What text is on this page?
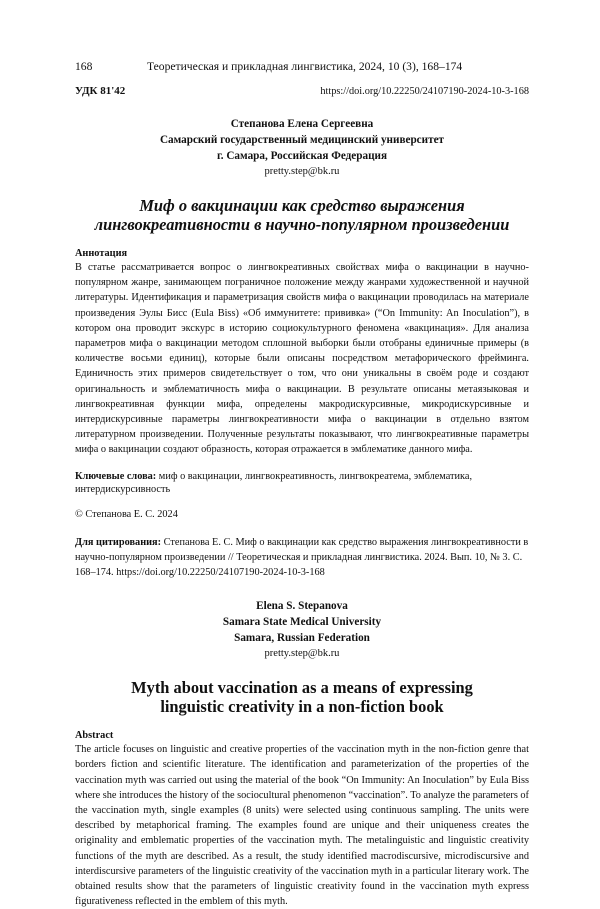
168	Теоретическая и прикладная лингвистика, 2024, 10 (3), 168–174
УДК 81'42	https://doi.org/10.22250/24107190-2024-10-3-168
Степанова Елена Сергеевна
Самарский государственный медицинский университет
г. Самара, Российская Федерация
pretty.step@bk.ru
Миф о вакцинации как средство выражения
лингвокреативности в научно-популярном произведении
Аннотация
В статье рассматривается вопрос о лингвокреативных свойствах мифа о вакцинации в научно-популярном жанре, занимающем пограничное положение между жанрами художественной и научной литературы. Идентификация и параметризация свойств мифа о вакцинации проводилась на материале произведения Эулы Бисс (Eula Biss) «Об иммунитете: прививка» (“On Immunity: An Inoculation”), в котором она проводит экскурс в историю социокультурного феномена «вакцинация». Для анализа параметров мифа о вакцинации методом сплошной выборки были отобраны единичные примеры (в количестве восьми единиц), которые были описаны посредством метафорического фрейминга. Единичность этих примеров свидетельствует о том, что они уникальны в своём роде и создают оригинальность и эмблематичность мифа о вакцинации. В результате описаны метаязыковая и лингвокреативная функции мифа, определены макродискурсивные, микродискурсивные и интердискурсивные параметры лингвокреативности мифа о вакцинации в отдельно взятом литературном произведении. Полученные результаты показывают, что лингвокреативные параметры мифа о вакцинации создают образность, которая отражается в эмблематике данного мифа.
Ключевые слова: миф о вакцинации, лингвокреативность, лингвокреатема, эмблематика, интердискурсивность
© Степанова Е. С. 2024
Для цитирования: Степанова Е. С. Миф о вакцинации как средство выражения лингвокреативности в научно-популярном произведении // Теоретическая и прикладная лингвистика. 2024. Вып. 10, № 3. С. 168–174. https://doi.org/10.22250/24107190-2024-10-3-168
Elena S. Stepanova
Samara State Medical University
Samara, Russian Federation
pretty.step@bk.ru
Myth about vaccination as a means of expressing
linguistic creativity in a non-fiction book
Abstract
The article focuses on linguistic and creative properties of the vaccination myth in the non-fiction genre that borders fiction and scientific literature. The identification and parameterization of the properties of the vaccination myth was carried out using the material of the book “On Immunity: An Inoculation” by Eula Biss where she introduces the history of the sociocultural phenomenon “vaccination”. To analyze the parameters of the vaccination myth, single examples (8 units) were selected using continuous sampling. The units were described by metaphorical framing. The examples found are unique and their uniqueness creates the originality and emblematic properties of the vaccination myth. The metalinguistic and linguistic creativity functions of the myth are described. As a result, the study identified macrodiscursive, microdiscursive and interdiscursive parameters of the linguistic creativity of the vaccination myth in a particular literary work. The obtained results show that the parameters of linguistic creativity found in the vaccination myth express figurativeness reflected in the emblem of this myth.
